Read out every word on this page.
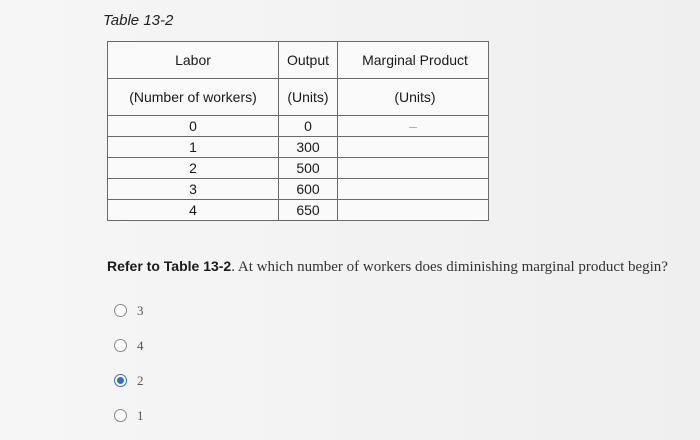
Table 13-2
Labor	Output	Marginal Product
(Number of workers)	(Units)	(Units)
0	0	–
1	300	
2	500	
3	600	
4	650	
Refer to Table 13-2. At which number of workers does diminishing marginal product begin?
3
4
2
1
